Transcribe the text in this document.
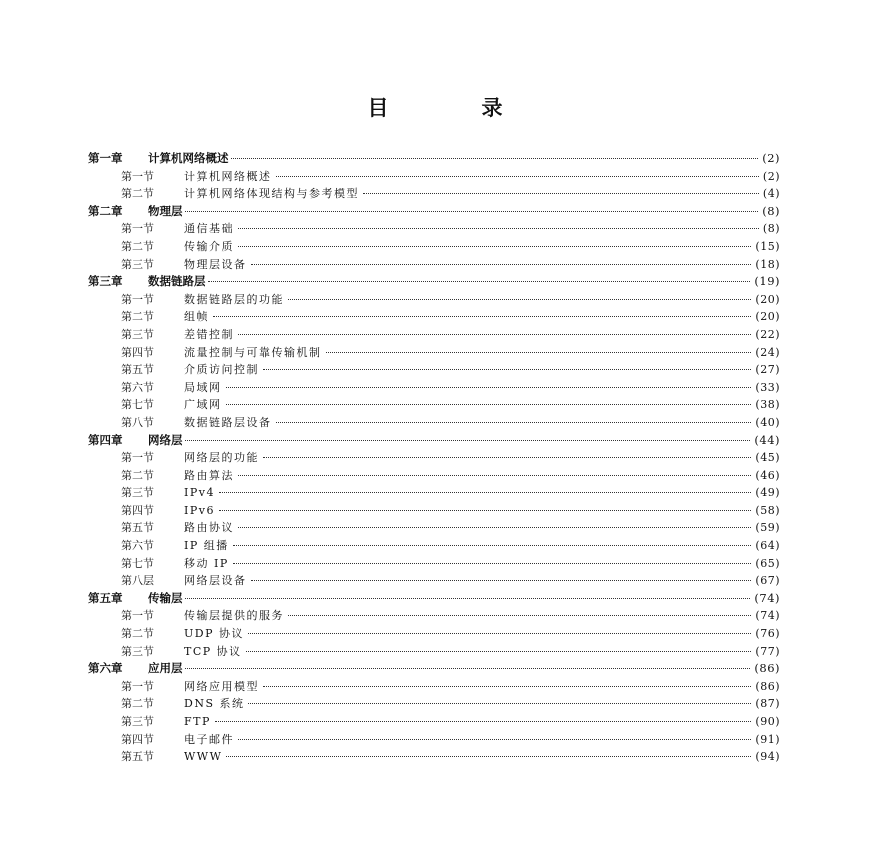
目　录
第一章	计算机网络概述	(2)
第一节	计算机网络概述	(2)
第二节	计算机网络体现结构与参考模型	(4)
第二章	物理层	(8)
第一节	通信基础	(8)
第二节	传输介质	(15)
第三节	物理层设备	(18)
第三章	数据链路层	(19)
第一节	数据链路层的功能	(20)
第二节	组帧	(20)
第三节	差错控制	(22)
第四节	流量控制与可靠传输机制	(24)
第五节	介质访问控制	(27)
第六节	局域网	(33)
第七节	广域网	(38)
第八节	数据链路层设备	(40)
第四章	网络层	(44)
第一节	网络层的功能	(45)
第二节	路由算法	(46)
第三节	IPv4	(49)
第四节	IPv6	(58)
第五节	路由协议	(59)
第六节	IP 组播	(64)
第七节	移动 IP	(65)
第八层	网络层设备	(67)
第五章	传输层	(74)
第一节	传输层提供的服务	(74)
第二节	UDP 协议	(76)
第三节	TCP 协议	(77)
第六章	应用层	(86)
第一节	网络应用模型	(86)
第二节	DNS 系统	(87)
第三节	FTP	(90)
第四节	电子邮件	(91)
第五节	WWW	(94)
